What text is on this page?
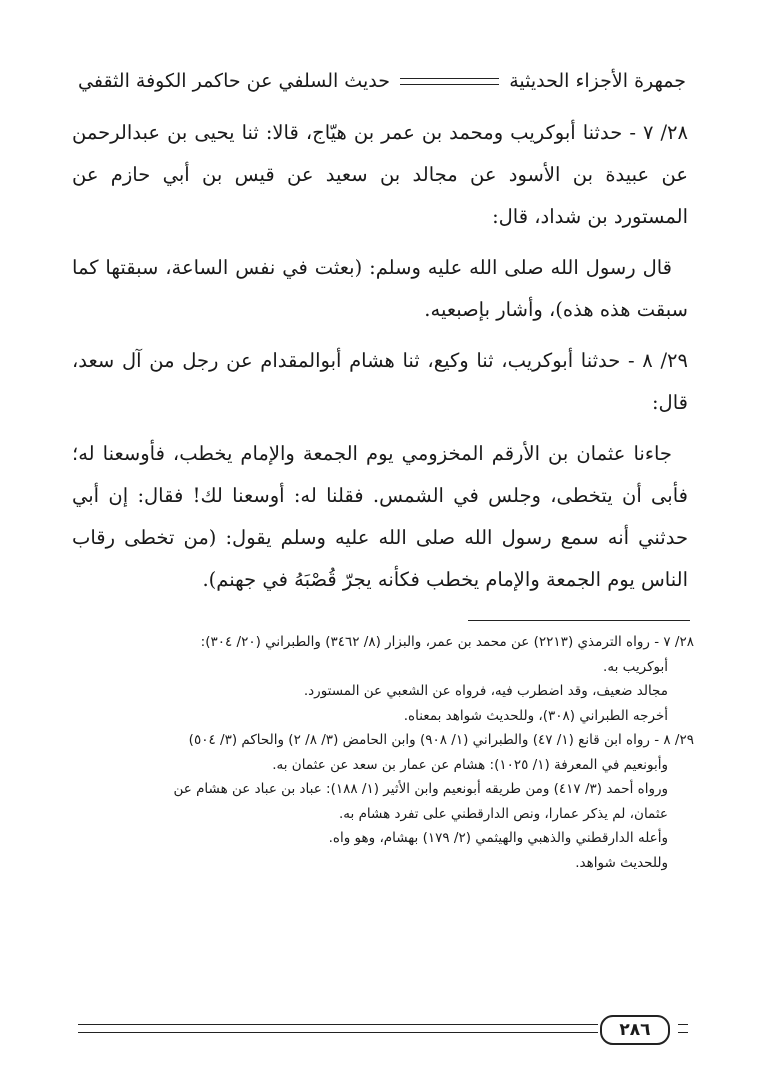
جمهرة الأجزاء الحديثية
حديث السلفي عن حاكمر الكوفة الثقفي

٢٨/ ٧ - حدثنا أبوكريب ومحمد بن عمر بن هيّاج، قالا: ثنا يحيى بن عبدالرحمن عن عبيدة بن الأسود عن مجالد بن سعيد عن قيس بن أبي حازم عن المستورد بن شداد، قال:

قال رسول الله صلى الله عليه وسلم: (بعثت في نفس الساعة، سبقتها كما سبقت هذه هذه)، وأشار بإصبعيه.

٢٩/ ٨ - حدثنا أبوكريب، ثنا وكيع، ثنا هشام أبوالمقدام عن رجل من آل سعد، قال:

جاءنا عثمان بن الأرقم المخزومي يوم الجمعة والإمام يخطب، فأوسعنا له؛ فأبى أن يتخطى، وجلس في الشمس. فقلنا له: أوسعنا لك! فقال: إن أبي حدثني أنه سمع رسول الله صلى الله عليه وسلم يقول: (من تخطى رقاب الناس يوم الجمعة والإمام يخطب فكأنه يجرّ قُصْبَهُ في جهنم).

٢٨/ ٧ - رواه الترمذي (٢٢١٣) عن محمد بن عمر، والبزار (٨/ ٣٤٦٢) والطبراني (٢٠/ ٣٠٤):

أبوكريب به.

مجالد ضعيف، وقد اضطرب فيه، فرواه عن الشعبي عن المستورد.

أخرجه الطبراني (٣٠٨)، وللحديث شواهد بمعناه.

٢٩/ ٨ - رواه ابن قانع (١/ ٤٧) والطبراني (١/ ٩٠٨) وابن الحامض (٣/ ٨/ ٢) والحاكم (٣/ ٥٠٤)

وأبونعيم في المعرفة (١/ ١٠٢٥): هشام عن عمار بن سعد عن عثمان به.

ورواه أحمد (٣/ ٤١٧) ومن طريقه أبونعيم وابن الأثير (١/ ١٨٨): عباد بن عباد عن هشام عن

عثمان، لم يذكر عمارا، ونص الدارقطني على تفرد هشام به.

وأعله الدارقطني والذهبي والهيثمي (٢/ ١٧٩) بهشام، وهو واه.

وللحديث شواهد.

٢٨٦
